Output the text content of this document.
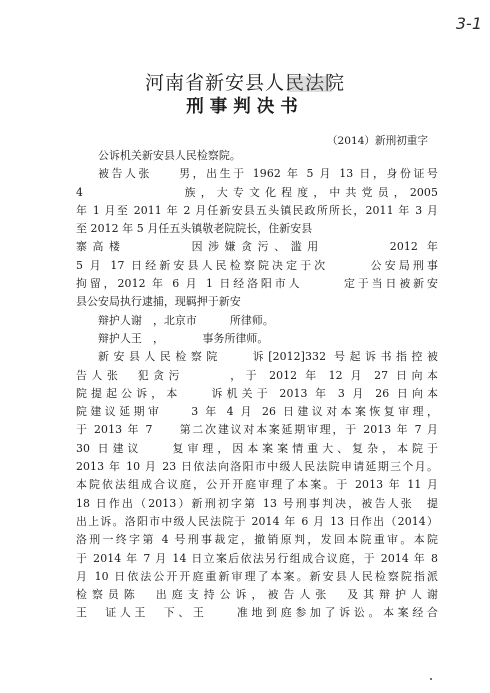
3-1
河南省新安县人民法院
刑事判决书
（2014）新刑初重字
公诉机关新安县人民检察院。
被告人张　　男，出生于 1962 年 5 月 13 日，身份证号
4　　　　　　族，大专文化程度，中共党员，2005
年 1 月至 2011 年 2 月任新安县五头镇民政所所长，2011 年 3 月
至 2012 年 5 月任五头镇敬老院院长，住新安县
寨高楼　　　　因涉嫌贪污、滥用　　　　2012 年
5 月 17 日经新安县人民检察院决定于次　　　公安局刑事
拘留，2012 年 6 月 1 日经洛阳市人　　　定于当日被新安
县公安局执行逮捕，现羁押于新安
辩护人谢　，北京市　　　所律师。
辩护人王　，　　　　事务所律师。
新安县人民检察院　　诉[2012]332 号起诉书指控被
告人张　犯贪污　　　，于 2012 年 12 月 27 日向本
院提起公诉，本　　诉机关于 2013 年 3 月 26 日向本
院建议延期审　　3 年 4 月 26 日建议对本案恢复审理，
于 2013 年 7　　第二次建议对本案延期审理，于 2013 年 7 月
30 日建议　　复审理，因本案案情重大、复杂，本院于
2013 年 10 月 23 日依法向洛阳市中级人民法院申请延期三个月。
本院依法组成合议庭，公开开庭审理了本案。于 2013 年 11 月
18 日作出（2013）新刑初字第 13 号刑事判决，被告人张　提
出上诉。洛阳市中级人民法院于 2014 年 6 月 13 日作出（2014）
洛刑一终字第 4 号刑事裁定，撤销原判，发回本院重审。本院
于 2014 年 7 月 14 日立案后依法另行组成合议庭，于 2014 年 8
月 10 日依法公开开庭重新审理了本案。新安县人民检察院指派
检察员陈　出庭支持公诉，被告人张　及其辩护人谢
王　证人王　下、王　　准地到庭参加了诉讼。本案经合
